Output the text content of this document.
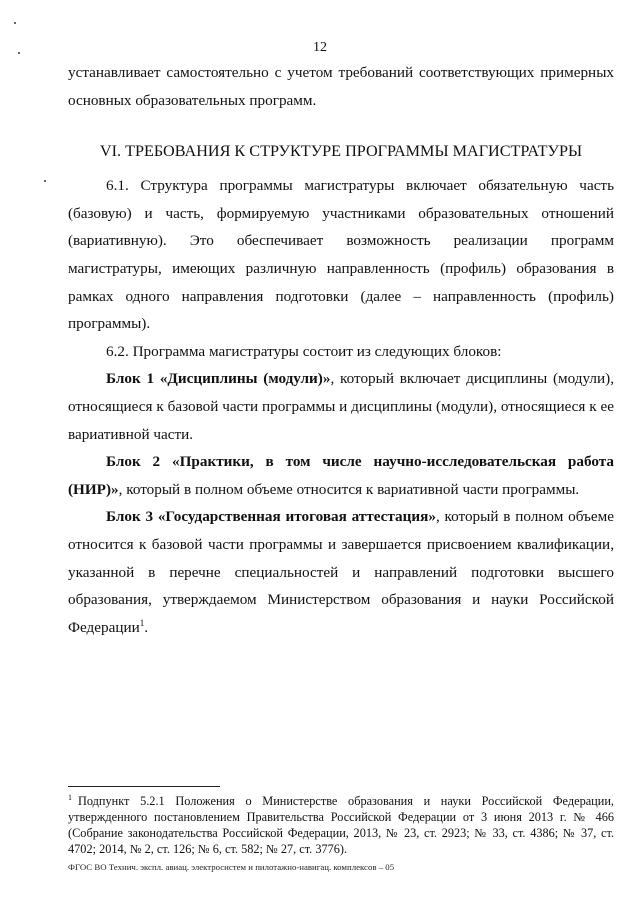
12

устанавливает самостоятельно с учетом требований соответствующих примерных основных образовательных программ.

VI. ТРЕБОВАНИЯ К СТРУКТУРЕ ПРОГРАММЫ МАГИСТРАТУРЫ

6.1. Структура программы магистратуры включает обязательную часть (базовую) и часть, формируемую участниками образовательных отношений (вариативную). Это обеспечивает возможность реализации программ магистратуры, имеющих различную направленность (профиль) образования в рамках одного направления подготовки (далее – направленность (профиль) программы).

6.2. Программа магистратуры состоит из следующих блоков:

Блок 1 «Дисциплины (модули)», который включает дисциплины (модули), относящиеся к базовой части программы и дисциплины (модули), относящиеся к ее вариативной части.

Блок 2 «Практики, в том числе научно-исследовательская работа (НИР)», который в полном объеме относится к вариативной части программы.

Блок 3 «Государственная итоговая аттестация», который в полном объеме относится к базовой части программы и завершается присвоением квалификации, указанной в перечне специальностей и направлений подготовки высшего образования, утверждаемом Министерством образования и науки Российской Федерации$^1$.

$^1$ Подпункт 5.2.1 Положения о Министерстве образования и науки Российской Федерации, утвержденного постановлением Правительства Российской Федерации от 3 июня 2013 г. № 466 (Собрание законодательства Российской Федерации, 2013, № 23, ст. 2923; № 33, ст. 4386; № 37, ст. 4702; 2014, № 2, ст. 126; № 6, ст. 582; № 27, ст. 3776).

ФГОС ВО Технич. экспл. авиац. электросистем и пилотажно-навигац. комплексов – 05
